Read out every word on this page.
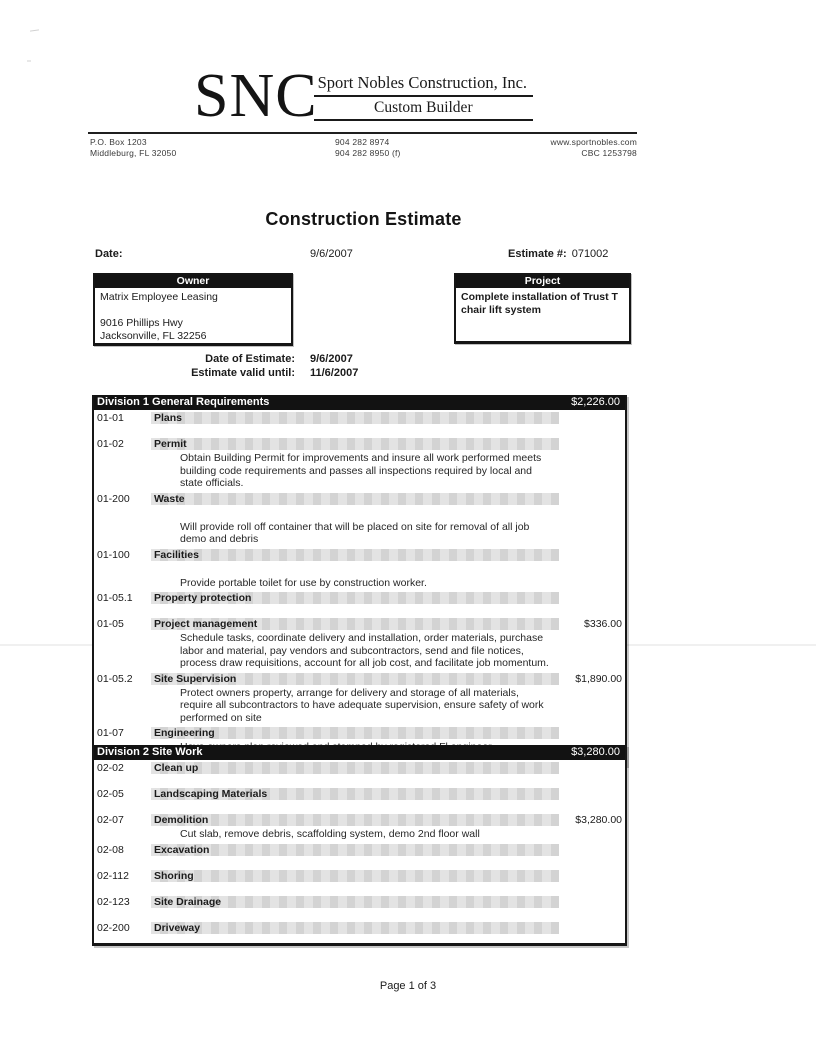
SNC Sport Nobles Construction, Inc.
Custom Builder
P.O. Box 1203
Middleburg, FL 32050
904 282 8974
904 282 8950 (f)
www.sportnobles.com
CBC 1253798
Construction Estimate
Date:	9/6/2007	Estimate #: 071002
Owner
Matrix Employee Leasing
9016 Phillips Hwy
Jacksonville, FL 32256
Project
Complete installation of Trust T
chair lift system
Date of Estimate: 9/6/2007
Estimate valid until: 11/6/2007
Division 1 General Requirements	$2,226.00
01-01	Plans
01-02	Permit
Obtain Building Permit for improvements and insure all work performed meets building code requirements and passes all inspections required by local and state officials.
01-200	Waste
Will provide roll off container that will be placed on site for removal of all job demo and debris
01-100	Facilities
Provide portable toilet for use by construction worker.
01-05.1	Property protection
01-05	Project management	$336.00
Schedule tasks, coordinate delivery and installation, order materials, purchase labor and material, pay vendors and subcontractors, send and file notices, process draw requisitions, account for all job cost, and facilitate job momentum.
01-05.2	Site Supervision	$1,890.00
Protect owners property, arrange for delivery and storage of all materials, require all subcontractors to have adequate supervision, ensure safety of work performed on site
01-07	Engineering
Division 2 Site Work	$3,280.00
02-02	Clean up
02-05	Landscaping Materials
02-07	Demolition	$3,280.00
Cut slab, remove debris, scaffolding system, demo 2nd floor wall
02-08	Excavation
02-112	Shoring
02-123	Site Drainage
02-200	Driveway
Page 1 of 3
